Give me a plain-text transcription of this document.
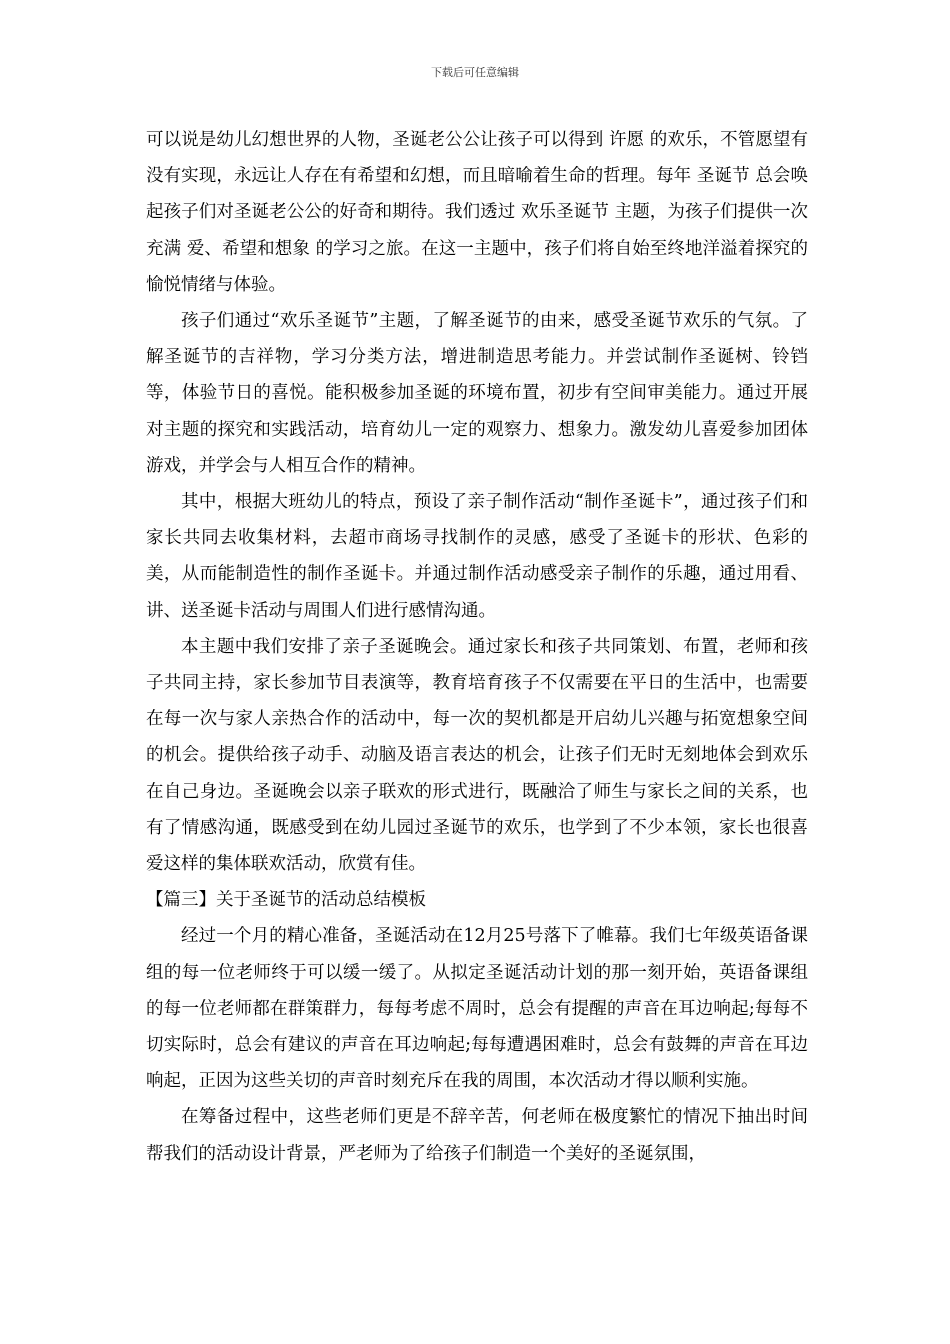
下载后可任意编辑

可以说是幼儿幻想世界的人物，圣诞老公公让孩子可以得到 许愿 的欢乐，不管愿望有没有实现，永远让人存在有希望和幻想，而且暗喻着生命的哲理。每年 圣诞节 总会唤起孩子们对圣诞老公公的好奇和期待。我们透过 欢乐圣诞节 主题，为孩子们提供一次充满 爱、希望和想象 的学习之旅。在这一主题中，孩子们将自始至终地洋溢着探究的愉悦情绪与体验。

孩子们通过“欢乐圣诞节”主题，了解圣诞节的由来，感受圣诞节欢乐的气氛。了解圣诞节的吉祥物，学习分类方法，增进制造思考能力。并尝试制作圣诞树、铃铛等，体验节日的喜悦。能积极参加圣诞的环境布置，初步有空间审美能力。通过开展对主题的探究和实践活动，培育幼儿一定的观察力、想象力。激发幼儿喜爱参加团体游戏，并学会与人相互合作的精神。

其中，根据大班幼儿的特点，预设了亲子制作活动“制作圣诞卡”，通过孩子们和家长共同去收集材料，去超市商场寻找制作的灵感，感受了圣诞卡的形状、色彩的美，从而能制造性的制作圣诞卡。并通过制作活动感受亲子制作的乐趣，通过用看、讲、送圣诞卡活动与周围人们进行感情沟通。

本主题中我们安排了亲子圣诞晚会。通过家长和孩子共同策划、布置，老师和孩子共同主持，家长参加节目表演等，教育培育孩子不仅需要在平日的生活中，也需要在每一次与家人亲热合作的活动中，每一次的契机都是开启幼儿兴趣与拓宽想象空间的机会。提供给孩子动手、动脑及语言表达的机会，让孩子们无时无刻地体会到欢乐在自己身边。圣诞晚会以亲子联欢的形式进行，既融洽了师生与家长之间的关系，也有了情感沟通，既感受到在幼儿园过圣诞节的欢乐，也学到了不少本领，家长也很喜爱这样的集体联欢活动，欣赏有佳。

【篇三】关于圣诞节的活动总结模板

经过一个月的精心准备，圣诞活动在12月25号落下了帷幕。我们七年级英语备课组的每一位老师终于可以缓一缓了。从拟定圣诞活动计划的那一刻开始，英语备课组的每一位老师都在群策群力，每每考虑不周时，总会有提醒的声音在耳边响起;每每不切实际时，总会有建议的声音在耳边响起;每每遭遇困难时，总会有鼓舞的声音在耳边响起，正因为这些关切的声音时刻充斥在我的周围，本次活动才得以顺利实施。

在筹备过程中，这些老师们更是不辞辛苦，何老师在极度繁忙的情况下抽出时间帮我们的活动设计背景，严老师为了给孩子们制造一个美好的圣诞氛围，
